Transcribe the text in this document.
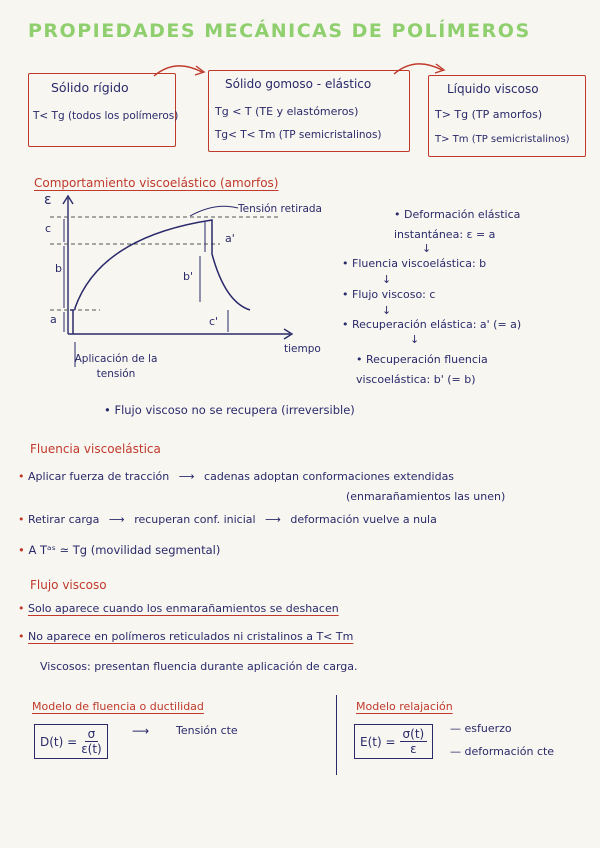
PROPIEDADES MECÁNICAS DE POLÍMEROS
Sólido rígido
T< Tg (todos los polímeros)
Sólido gomoso - elástico
Tg < T (TE y elastómeros)
Tg< T< Tm (TP semicristalinos)
Líquido viscoso
T> Tg (TP amorfos)
T> Tm (TP semicristalinos)
Comportamiento viscoelástico (amorfos)
ε
c
b
a
a'
b'
c'
Tensión retirada
tiempo
Aplicación de la tensión
• Deformación elástica instantánea: ε = a
↓
• Fluencia viscoelástica: b
↓
• Flujo viscoso: c
↓
• Recuperación elástica: a' (= a)
↓
• Recuperación fluencia viscoelástica: b' (= b)
• Flujo viscoso no se recupera (irreversible)
Fluencia viscoelástica
• Aplicar fuerza de tracción ⟶ cadenas adoptan conformaciones extendidas
(enmarañamientos las unen)
• Retirar carga ⟶ recuperan conf. inicial ⟶ deformación vuelve a nula
• A Tᵃˢ ≃ Tg (movilidad segmental)
Flujo viscoso
• Solo aparece cuando los enmarañamientos se deshacen
• No aparece en polímeros reticulados ni cristalinos a T< Tm
Viscosos: presentan fluencia durante aplicación de carga.
Modelo de fluencia o ductilidad	Modelo relajación
$D(t) = \frac{\sigma}{\varepsilon(t)}$	⟶ Tensión cte
$E(t) = \frac{\sigma(t)}{\varepsilon}$ — esfuerzo
— deformación cte
